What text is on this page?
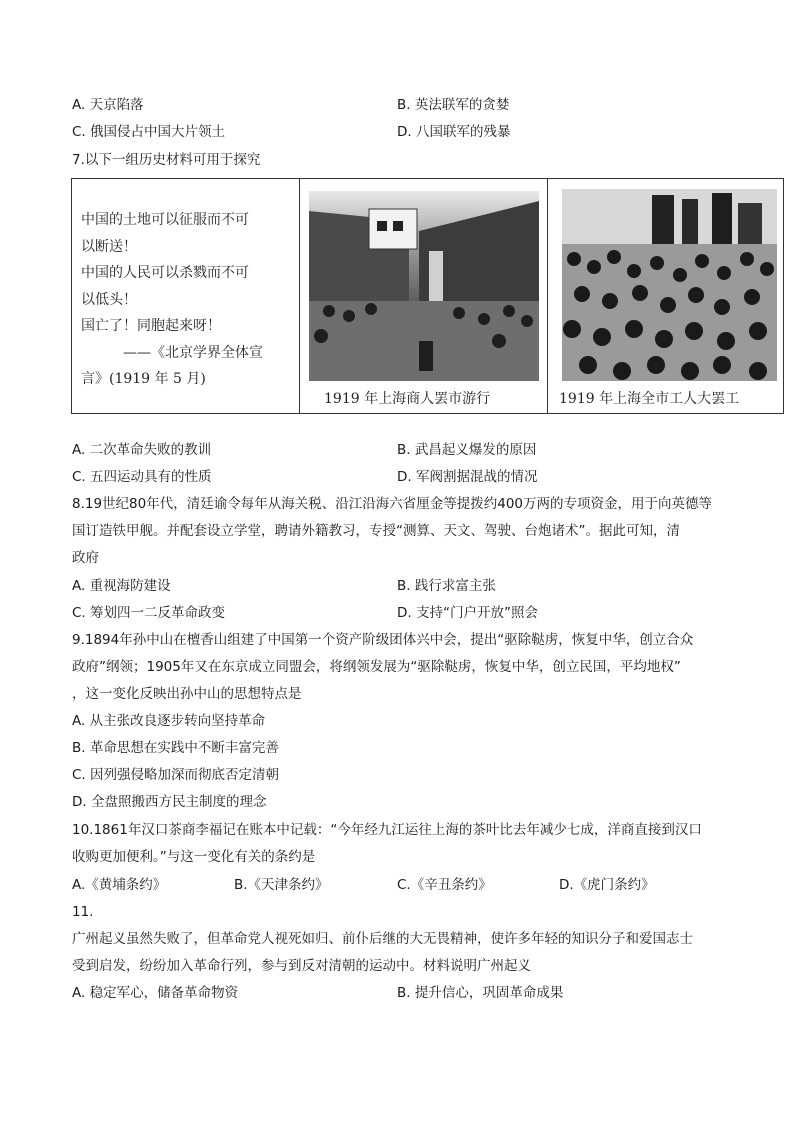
A. 天京陷落	B. 英法联军的贪婪
C. 俄国侵占中国大片领土	D. 八国联军的残暴
7.以下一组历史材料可用于探究
中国的土地可以征服而不可
以断送！
中国的人民可以杀戮而不可
以低头！
国亡了！同胞起来呀！
——《北京学界全体宣
言》(1919 年 5 月)
1919 年上海商人罢市游行	1919 年上海全市工人大罢工
A. 二次革命失败的教训	B. 武昌起义爆发的原因
C. 五四运动具有的性质	D. 军阀割据混战的情况
8.19世纪80年代，清廷谕令每年从海关税、沿江沿海六省厘金等提拨约400万两的专项资金，用于向英德等
国订造铁甲舰。并配套设立学堂，聘请外籍教习，专授“测算、天文、驾驶、台炮诸术”。据此可知，清
政府
A. 重视海防建设	B. 践行求富主张
C. 筹划四一二反革命政变	D. 支持“门户开放”照会
9.1894年孙中山在檀香山组建了中国第一个资产阶级团体兴中会，提出“驱除鞑虏，恢复中华，创立合众
政府”纲领；1905年又在东京成立同盟会，将纲领发展为“驱除鞑虏，恢复中华，创立民国，平均地权”
，这一变化反映出孙中山的思想特点是
A. 从主张改良逐步转向坚持革命
B. 革命思想在实践中不断丰富完善
C. 因列强侵略加深而彻底否定清朝
D. 全盘照搬西方民主制度的理念
10.1861年汉口茶商李福记在账本中记载：“今年经九江运往上海的茶叶比去年减少七成，洋商直接到汉口
收购更加便利。”与这一变化有关的条约是
A.《黄埔条约》	B.《天津条约》	C.《辛丑条约》	D.《虎门条约》
11.
广州起义虽然失败了，但革命党人视死如归、前仆后继的大无畏精神，使许多年轻的知识分子和爱国志士
受到启发，纷纷加入革命行列，参与到反对清朝的运动中。材料说明广州起义
A. 稳定军心，储备革命物资	B. 提升信心，巩固革命成果
